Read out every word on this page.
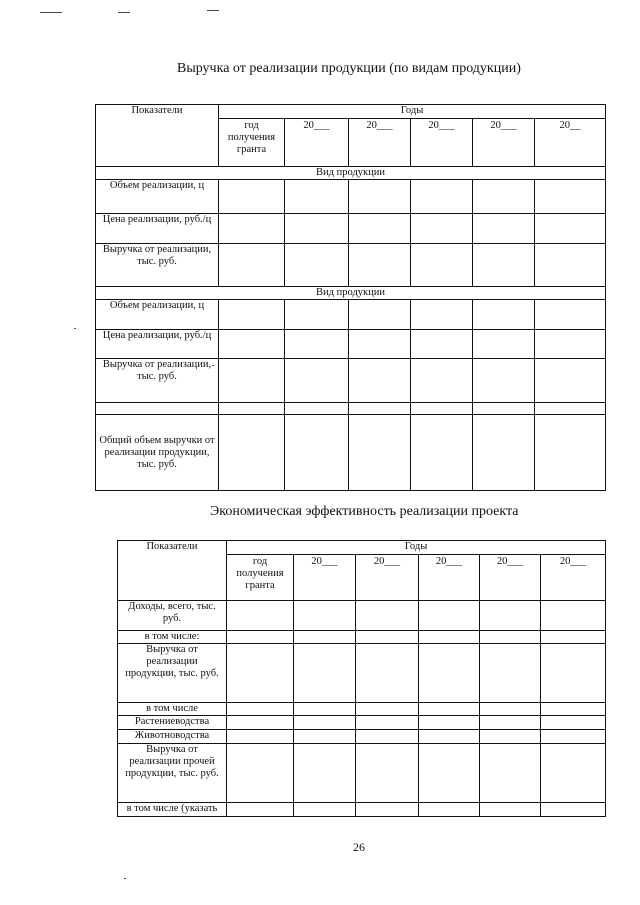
Выручка от реализации продукции (по видам продукции)
Показатели	Годы					
	год получения гранта	20___	20___	20___	20___	20__
Вид продукции						
Объем реализации, ц						
Цена реализации, руб./ц						
Выручка от реализации, тыс. руб.						
Вид продукции						
Объем реализации, ц						
Цена реализации, руб./ц						
Выручка от реализации, тыс. руб.						

Общий объем выручки от реализации продукции, тыс. руб.						
Экономическая эффективность реализации проекта
Показатели	Годы					
	год получения гранта	20___	20___	20___	20___	20___
Доходы, всего, тыс. руб.						
в том числе:						
Выручка от реализации продукции, тыс. руб.						
в том числе						
Растениеводства						
Животноводства						
Выручка от реализации прочей продукции, тыс. руб.						
в том числе (указать						
26
